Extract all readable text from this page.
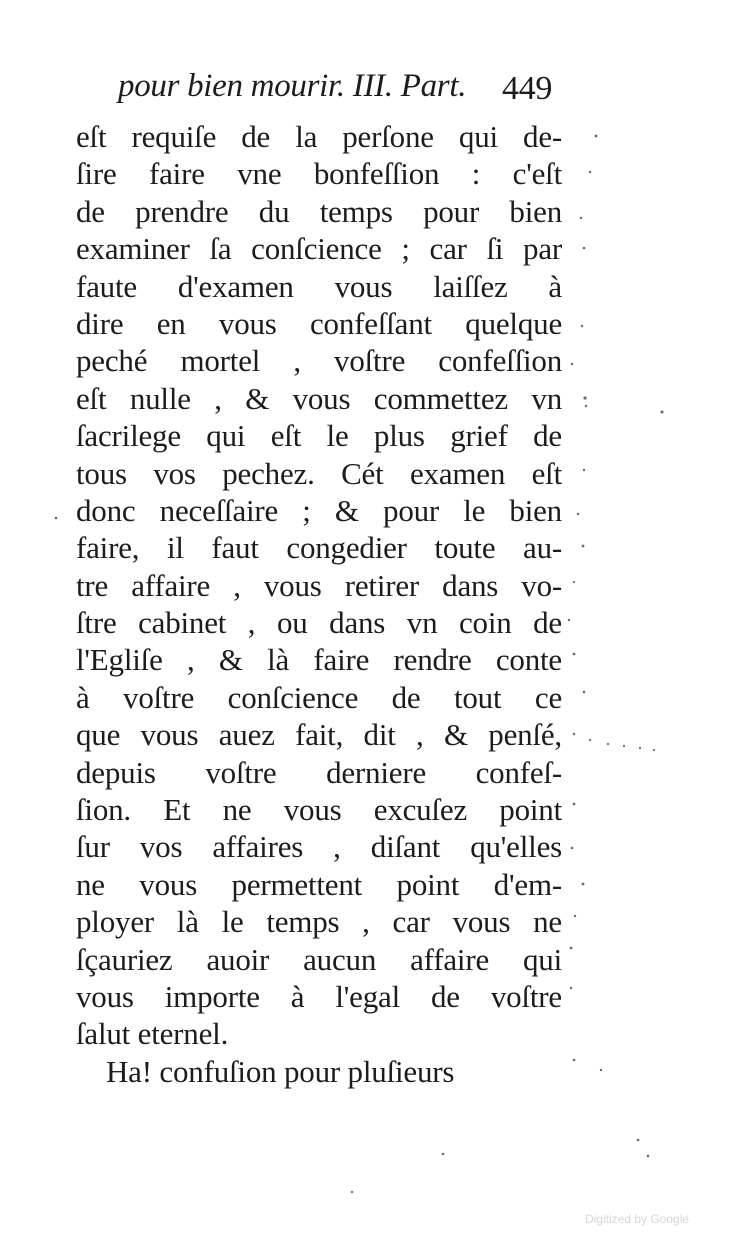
pour bien mourir. III. Part. 449
eſt requiſe de la perſone qui de-
ſire faire vne bonfeſſion : c'eſt
de prendre du temps pour bien
examiner ſa conſcience ; car ſi par
faute d'examen vous laiſſez à
dire en vous confeſſant quelque
peché mortel , voſtre confeſſion
eſt nulle , & vous commettez vn
ſacrilege qui eſt le plus grief de
tous vos pechez. Cét examen eſt
donc neceſſaire ; & pour le bien
faire, il faut congedier toute au-
tre affaire , vous retirer dans vo-
ſtre cabinet , ou dans vn coin de
l'Egliſe , & là faire rendre conte
à voſtre conſcience de tout ce
que vous auez fait, dit , & penſé,
depuis voſtre derniere confeſ-
ſion. Et ne vous excuſez point
ſur vos affaires , diſant qu'elles
ne vous permettent point d'em-
ployer là le temps , car vous ne
ſçauriez auoir aucun affaire qui
vous importe à l'egal de voſtre
ſalut eternel.
Ha! confuſion pour pluſieurs
Digitized by Google
